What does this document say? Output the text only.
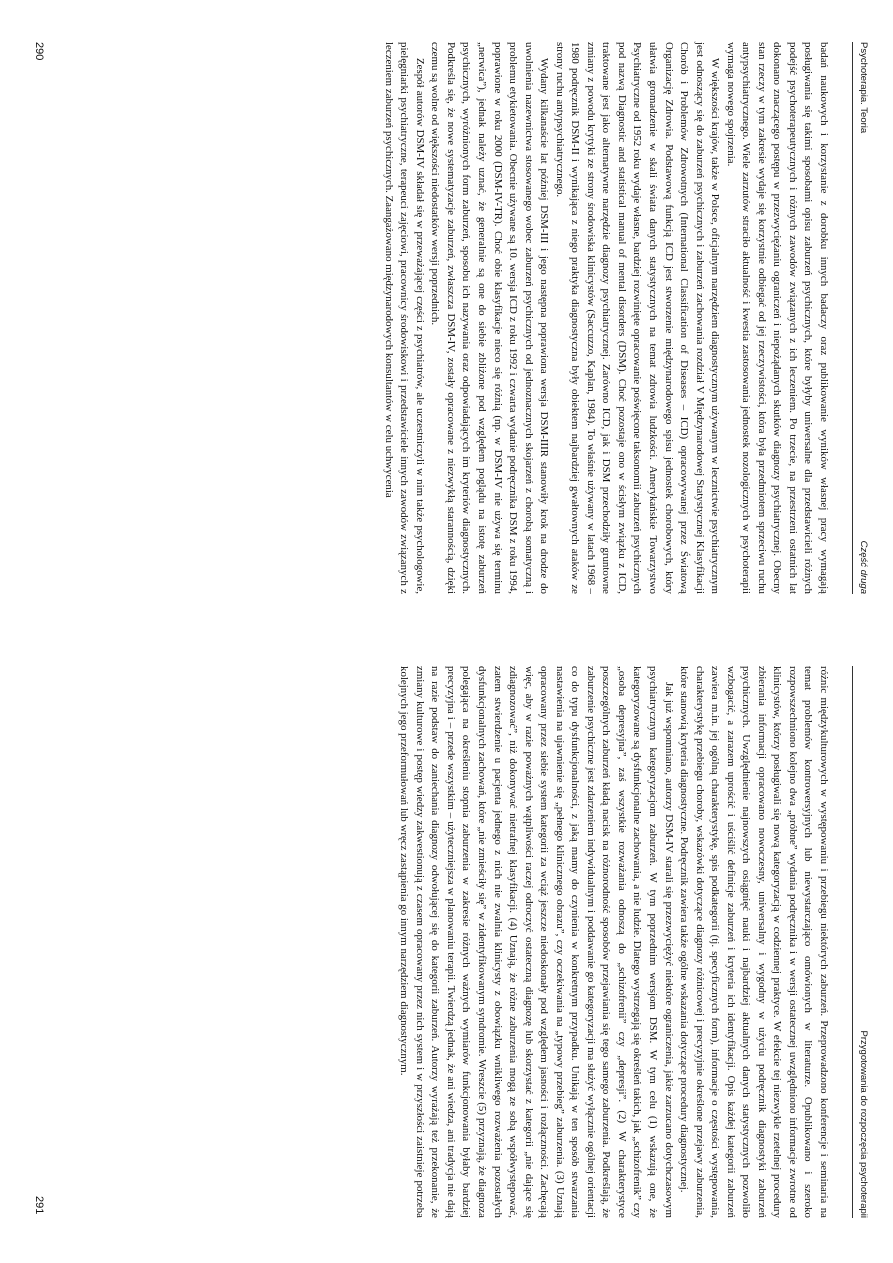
Psychoterapia. Teoria
Część druga

badań naukowych i korzystanie z dorobku innych badaczy oraz publikowanie wyników własnej pracy wymagają posługiwania się takimi sposobami opisu zaburzeń psychicznych, które byłyby uniwersalne dla przedstawicieli różnych podejść psychoterapeutycznych i różnych zawodów związanych z ich leczeniem. Po trzecie, na przestrzeni ostatnich lat dokonano znaczącego postępu w przezwyciężaniu ograniczeń i niepożądanych skutków diagnozy psychiatrycznej. Obecny stan rzeczy w tym zakresie wydaje się korzystnie odbiegać od jej rzeczywistości, która była przedmiotem sprzeciwu ruchu antypsychiatrycznego. Wiele zarzutów straciło aktualność i kwestia zastosowania jednostek nozologicznych w psychoterapii wymaga nowego spojrzenia.

W większości krajów, także w Polsce, oficjalnym narzędziem diagnostycznym używanym w lecznictwie psychiatrycznym jest odnoszący się do zaburzeń psychicznych i zaburzeń zachowania rozdział V Międzynarodowej Statystycznej Klasyfikacji Chorób i Problemów Zdrowotnych (International Classification of Diseases – ICD) opracowywanej przez Światową Organizację Zdrowia. Podstawową funkcją ICD jest stworzenie międzynarodowego spisu jednostek chorobowych, który ułatwia gromadzenie w skali świata danych statystycznych na temat zdrowia ludzkości. Amerykańskie Towarzystwo Psychiatryczne od 1952 roku wydaje własne, bardziej rozwinięte opracowanie poświęcone taksonomii zaburzeń psychicznych pod nazwą Diagnostic and statistical manual of mental disorders (DSM). Choć pozostaje ono w ścisłym związku z ICD, traktowane jest jako alternatywne narzędzie diagnozy psychiatrycznej. Zarówno ICD, jak i DSM przechodziły gruntowne zmiany z powodu krytyki ze strony środowiska klinicystów (Saccuzzo, Kaplan, 1984). To właśnie używany w latach 1968 – 1980 podręcznik DSM-II i wynikająca z niego praktyka diagnostyczna były obiektem najbardziej gwałtownych ataków ze strony ruchu antypsychiatrycznego.

Wydany kilkanaście lat później DSM-III i jego następna poprawiona wersja DSM-IIIR stanowiły krok na drodze do uwolnienia nazewnictwa stosowanego wobec zaburzeń psychicznych od jednoznacznych skojarzeń z chorobą somatyczną i problemu etykietowania. Obecnie używane są 10. wersja ICD z roku 1992 i czwarta wydanie podręcznika DSM z roku 1994, poprawione w roku 2000 (DSM-IV-TR). Choć obie klasyfikacje nieco się różnią (np. w DSM-IV nie używa się terminu „nerwica”), jednak należy uznać, że generalnie są one do siebie zbliżone pod względem poglądu na istotę zaburzeń psychicznych, wyróżnionych form zaburzeń, sposobu ich nazywania oraz odpowiadających im kryteriów diagnostycznych. Podkreśla się, że nowe systematyzacje zaburzeń, zwłaszcza DSM-IV, zostały opracowane z niezwykłą starannością, dzięki czemu są wolne od większości niedostatków wersji poprzednich.

Zespół autorów DSM-IV składał się w przeważającej części z psychiatrów, ale uczestniczyli w nim także psychologowie, pielęgniarki psychiatryczne, terapeuci zajęciowi, pracownicy środowiskowi i przedstawiciele innych zawodów związanych z leczeniem zaburzeń psychicznych. Zaangażowano międzynarodowych konsultantów w celu uchwycenia

290
Przygotowania do rozpoczęcia psychoterapii

różnic międzykulturowych w występowaniu i przebiegu niektórych zaburzeń. Przeprowadzono konferencje i seminaria na temat problemów kontrowersyjnych lub niewystarczająco omówionych w literaturze. Opublikowano i szeroko rozpowszechniono kolejno dwa „próbne” wydania podręcznika i w wersji ostatecznej uwzględniono informacje zwrotne od klinicystów, którzy posługiwali się nową kategoryzacją w codziennej praktyce. W efekcie tej niezwykle rzetelnej procedury zbierania informacji opracowano nowoczesny, uniwersalny i wygodny w użyciu podręcznik diagnostyki zaburzeń psychicznych. Uwzględnienie najnowszych osiągnięć nauki i najbardziej aktualnych danych statystycznych pozwoliło wzbogacić, a zarazem uprościć i uściślić definicje zaburzeń i kryteria ich identyfikacji. Opis każdej kategorii zaburzeń zawiera m.in. jej ogólną charakterystykę, spis podkategorii (tj. specyficznych form), informacje o częstości występowania, charakterystykę przebiegu choroby, wskazówki dotyczące diagnozy różnicowej i precyzyjnie określone przejawy zaburzenia, które stanowią kryteria diagnostyczne. Podręcznik zawiera także ogólne wskazania dotyczące procedury diagnostycznej.

Jak już wspomniano, autorzy DSM-IV starali się przezwyciężyć niektóre ograniczenia, jakie zarzucano dotychczasowym psychiatrycznym kategoryzacjom zaburzeń. W tym poprzednim wersjom DSM. W tym celu (1) wskazują one, że kategoryzowane są dysfunkcjonalne zachowania, a nie ludzie. Dlatego wystrzegają się określeń takich, jak „schizofrenik” czy „osoba depresyjna”, zaś wszystkie rozważania odnoszą do „schizofrenii” czy „depresji”. (2) W charakterystyce poszczególnych zaburzeń kładą nacisk na różnorodność sposobów przejawiania się tego samego zaburzenia. Podkreślają, że zaburzenie psychiczne jest zdarzeniem indywidualnym i poddawanie go kategoryzacji ma służyć wyłącznie ogólnej orientacji co do typu dysfunkcjonalności, z jaką mamy do czynienia w konkretnym przypadku. Unikają w ten sposób stwarzania nastawienia na ujawnienie się „pełnego klinicznego obrazu”, czy oczekiwania na „typowy przebieg” zaburzenia. (3) Uznają opracowany przez siebie system kategorii za wciąż jeszcze niedoskonały pod względem jasności i rozłączności. Zachęcają więc, aby w razie poważnych wątpliwości raczej odroczyć ostateczną diagnozę lub skorzystać z kategorii „nie dające się zdiagnozować”, niż dokonywać nietrafnej klasyfikacji. (4) Uznają, że różne zaburzenia mogą ze sobą współwystępować, zatem stwierdzenie u pacjenta jednego z nich nie zwalnia klinicysty z obowiązku wnikliwego rozważenia pozostałych dysfunkcjonalnych zachowań, które „nie zmieściły się” w zidentyfikowanym syndromie. Wreszcie (5) przyznają, że diagnoza polegająca na określeniu stopnia zaburzenia w zakresie różnych ważnych wymiarów funkcjonowania byłaby bardziej precyzyjna i – przede wszystkim – użyteczniejsza w planowaniu terapii. Twierdzą jednak, że ani wiedza, ani tradycja nie dają na razie podstaw do zaniechania diagnozy odwołującej się do kategorii zaburzeń. Autorzy wyrażają też przekonanie, że zmiany kulturowe i postęp wiedzy zakwestionują z czasem opracowany przez nich system i w przyszłości zaistnieje potrzeba kolejnych jego przeformułowań lub wręcz zastąpienia go innym narzędziem diagnostycznym.

291
